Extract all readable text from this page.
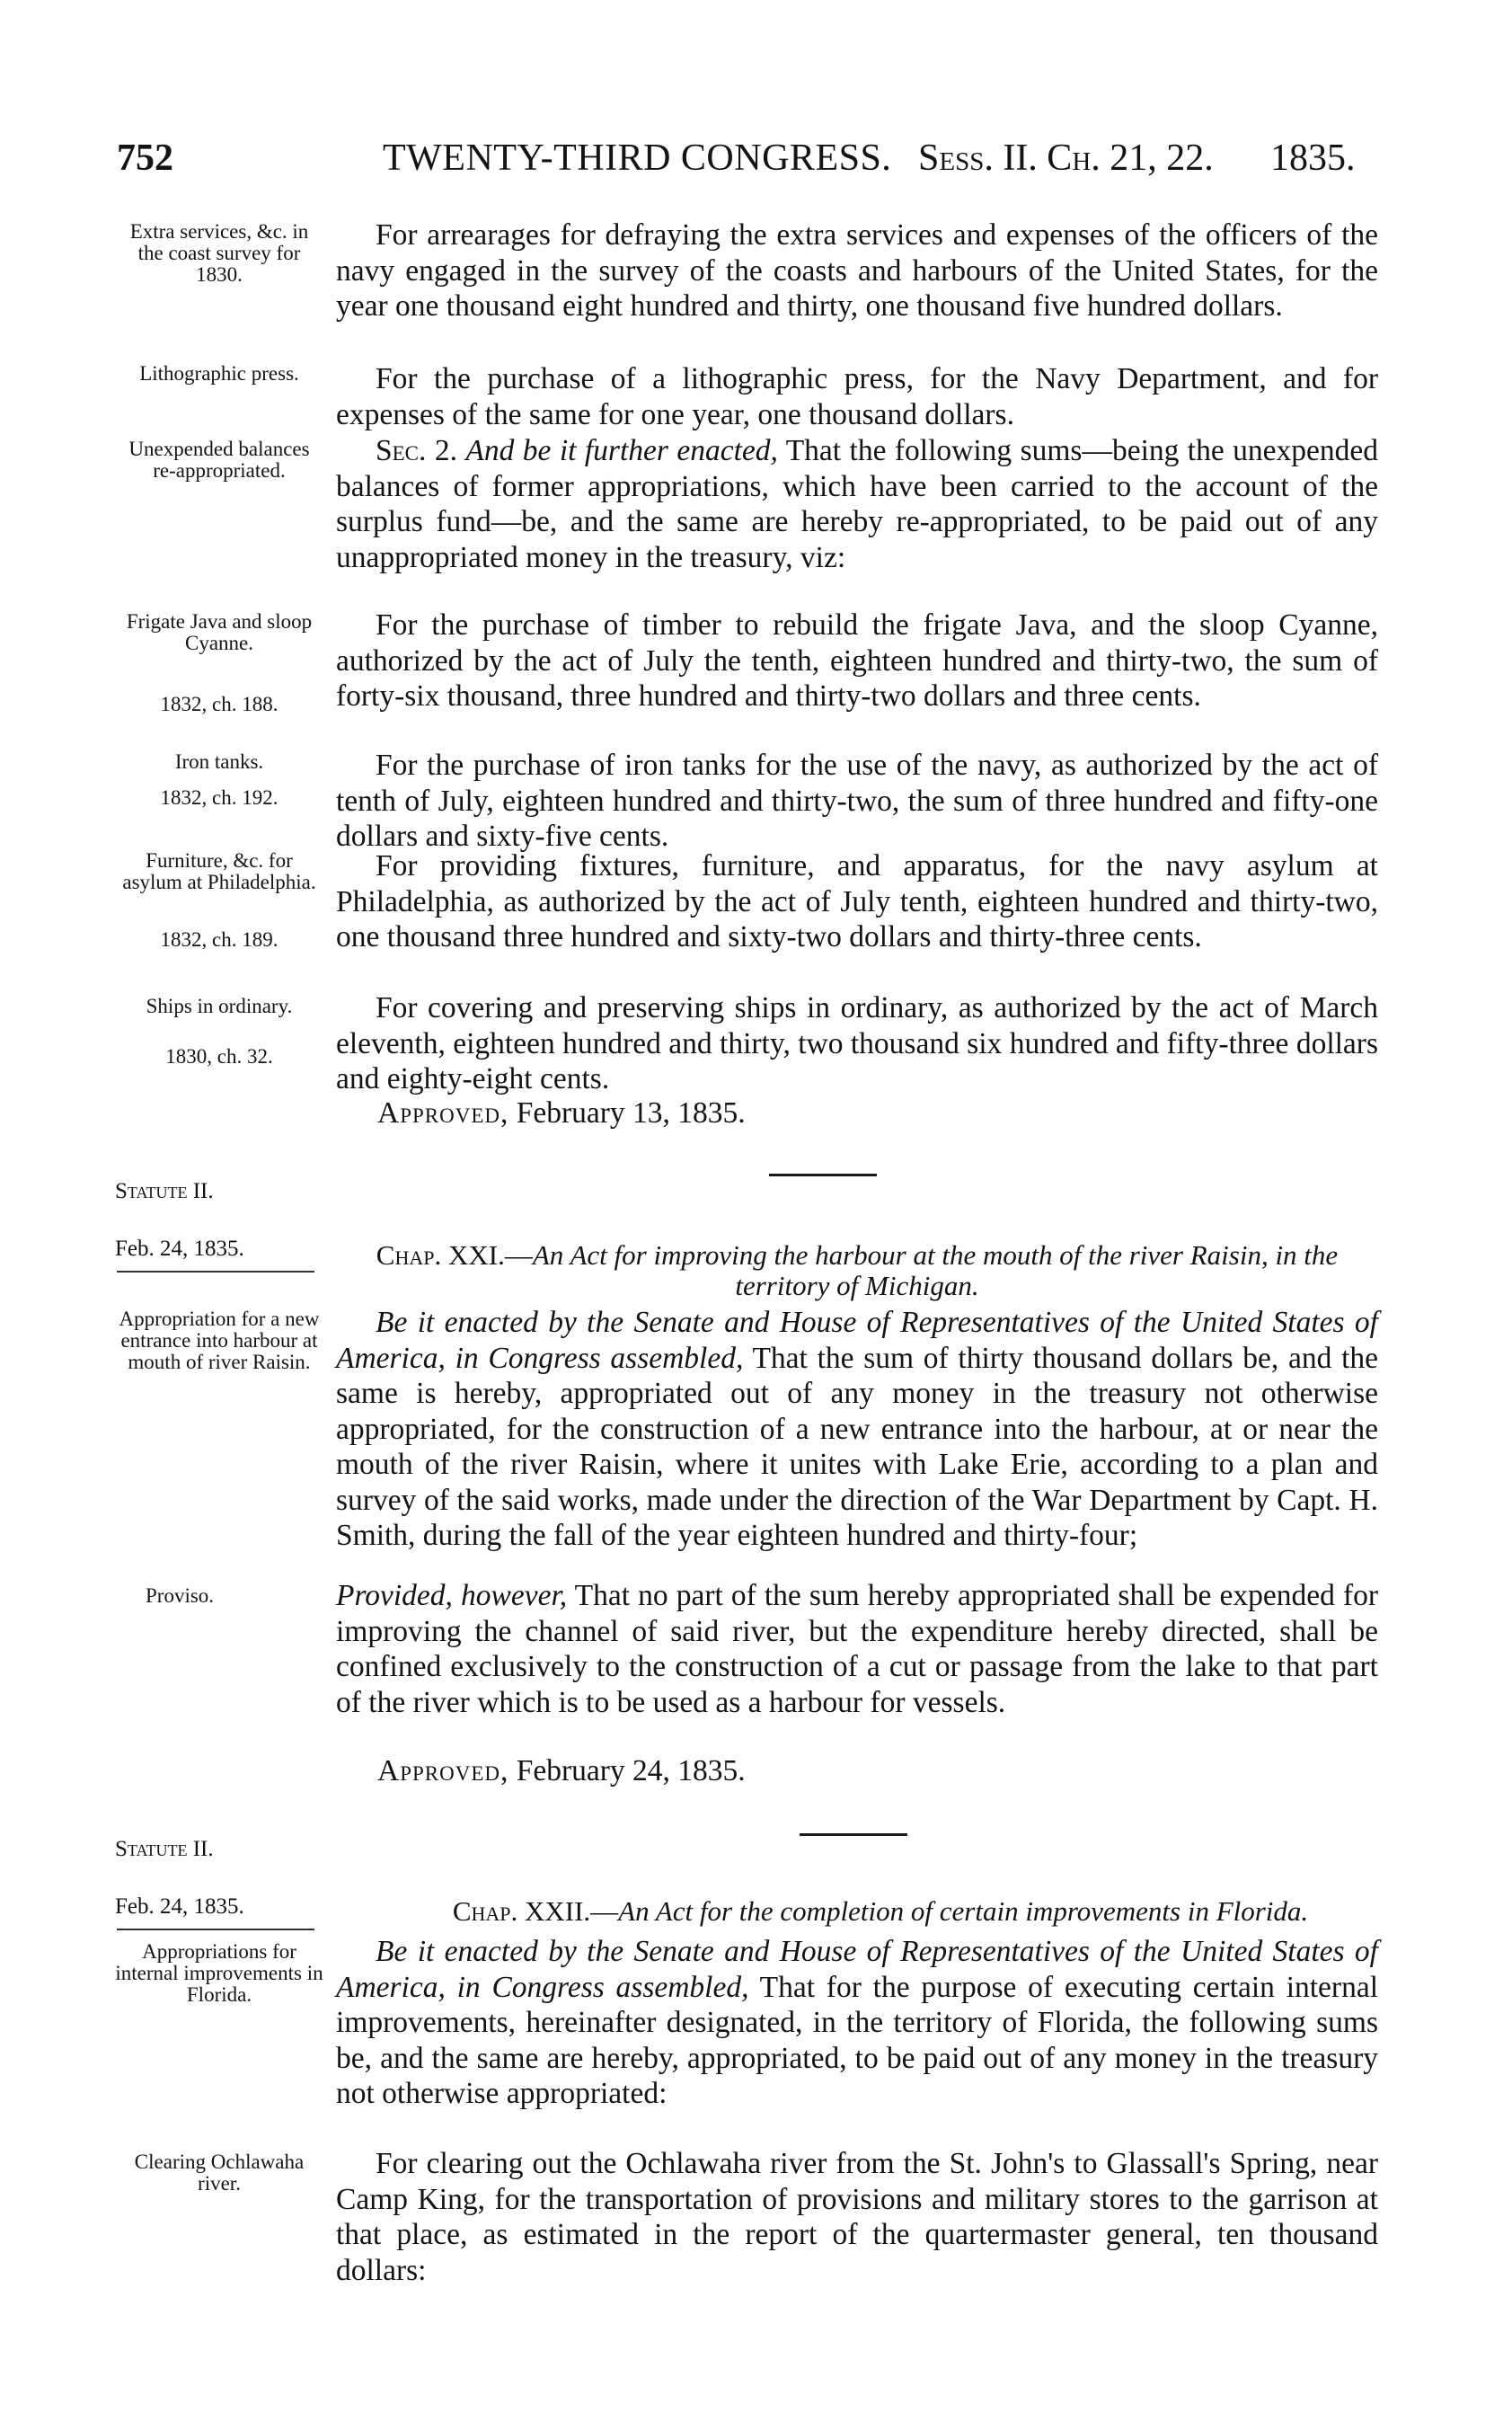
752	TWENTY-THIRD CONGRESS. Sess. II. Ch. 21, 22. 1835.
Extra services, &c. in the coast survey for 1830.

For arrearages for defraying the extra services and expenses of the officers of the navy engaged in the survey of the coasts and harbours of the United States, for the year one thousand eight hundred and thirty, one thousand five hundred dollars.

Lithographic press.	For the purchase of a lithographic press, for the Navy Department, and for expenses of the same for one year, one thousand dollars.

Unexpended balances re-appropriated.

Sec. 2. And be it further enacted, That the following sums—being the unexpended balances of former appropriations, which have been carried to the account of the surplus fund—be, and the same are hereby re-appropriated, to be paid out of any unappropriated money in the treasury, viz:

Frigate Java and sloop Cyanne.
1832, ch. 188.

For the purchase of timber to rebuild the frigate Java, and the sloop Cyanne, authorized by the act of July the tenth, eighteen hundred and thirty-two, the sum of forty-six thousand, three hundred and thirty-two dollars and three cents.

Iron tanks.
1832, ch. 192.

For the purchase of iron tanks for the use of the navy, as authorized by the act of tenth of July, eighteen hundred and thirty-two, the sum of three hundred and fifty-one dollars and sixty-five cents.

Furniture, &c. for asylum at Philadelphia.
1832, ch. 189.

For providing fixtures, furniture, and apparatus, for the navy asylum at Philadelphia, as authorized by the act of July tenth, eighteen hundred and thirty-two, one thousand three hundred and sixty-two dollars and thirty-three cents.

Ships in ordinary.
1830, ch. 32.

For covering and preserving ships in ordinary, as authorized by the act of March eleventh, eighteen hundred and thirty, two thousand six hundred and fifty-three dollars and eighty-eight cents.

Approved, February 13, 1835.
Statute II.
Feb. 24, 1835.	Chap. XXI.—An Act for improving the harbour at the mouth of the river Raisin, in the territory of Michigan.
Appropriation for a new entrance into harbour at mouth of river Raisin.

Be it enacted by the Senate and House of Representatives of the United States of America, in Congress assembled, That the sum of thirty thousand dollars be, and the same is hereby, appropriated out of any money in the treasury not otherwise appropriated, for the construction of a new entrance into the harbour, at or near the mouth of the river Raisin, where it unites with Lake Erie, according to a plan and survey of the said works, made under the direction of the War Department by Capt. H. Smith, during the fall of the year eighteen hundred and thirty-four;

Proviso.	Provided, however, That no part of the sum hereby appropriated shall be expended for improving the channel of said river, but the expenditure hereby directed, shall be confined exclusively to the construction of a cut or passage from the lake to that part of the river which is to be used as a harbour for vessels.

Approved, February 24, 1835.
Statute II.
Feb. 24, 1835.	Chap. XXII.—An Act for the completion of certain improvements in Florida.
Appropriations for internal improvements in Florida.

Be it enacted by the Senate and House of Representatives of the United States of America, in Congress assembled, That for the purpose of executing certain internal improvements, hereinafter designated, in the territory of Florida, the following sums be, and the same are hereby, appropriated, to be paid out of any money in the treasury not otherwise appropriated:

Clearing Ochlawaha river.

For clearing out the Ochlawaha river from the St. John's to Glassall's Spring, near Camp King, for the transportation of provisions and military stores to the garrison at that place, as estimated in the report of the quartermaster general, ten thousand dollars:
